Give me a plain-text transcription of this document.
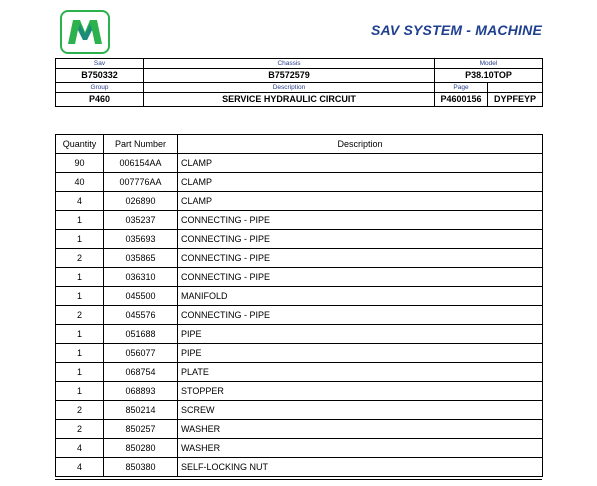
SAV SYSTEM - MACHINE
Sav	Chassis	Model	
B750332	B7572579	P38.10TOP	
Group	Description	Page	
P460	SERVICE HYDRAULIC CIRCUIT	P4600156	DYPFEYP
Quantity	Part Number	Description
90	006154AA	CLAMP
40	007776AA	CLAMP
4	026890	CLAMP
1	035237	CONNECTING - PIPE
1	035693	CONNECTING - PIPE
2	035865	CONNECTING - PIPE
1	036310	CONNECTING - PIPE
1	045500	MANIFOLD
2	045576	CONNECTING - PIPE
1	051688	PIPE
1	056077	PIPE
1	068754	PLATE
1	068893	STOPPER
2	850214	SCREW
2	850257	WASHER
4	850280	WASHER
4	850380	SELF-LOCKING NUT
